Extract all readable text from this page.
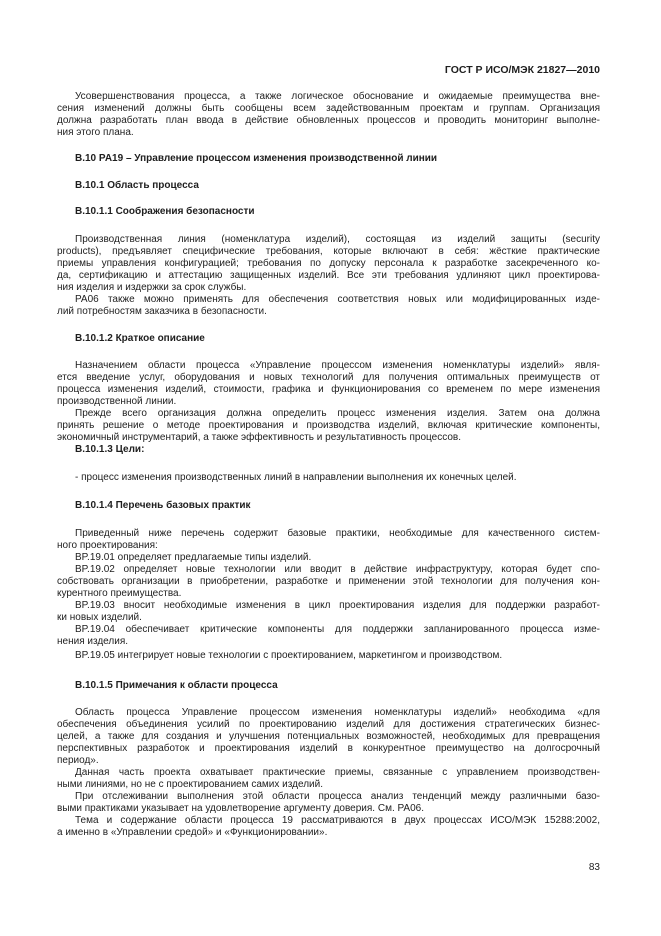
ГОСТ Р ИСО/МЭК 21827—2010
Усовершенствования процесса, а также логическое обоснование и ожидаемые преимущества вне-
сения изменений должны быть сообщены всем задействованным проектам и группам. Организация
должна разработать план ввода в действие обновленных процессов и проводить мониторинг выполне-
ния этого плана.
В.10 PA19 – Управление процессом изменения производственной линии
В.10.1 Область процесса
В.10.1.1 Соображения безопасности
Производственная линия (номенклатура изделий), состоящая из изделий защиты (security
products), предъявляет специфические требования, которые включают в себя: жёсткие практические
приемы управления конфигурацией; требования по допуску персонала к разработке засекреченного ко-
да, сертификацию и аттестацию защищенных изделий. Все эти требования удлиняют цикл проектирова-
ния изделия и издержки за срок службы.
PA06 также можно применять для обеспечения соответствия новых или модифицированных изде-
лий потребностям заказчика в безопасности.
В.10.1.2 Краткое описание
Назначением области процесса «Управление процессом изменения номенклатуры изделий» явля-
ется введение услуг, оборудования и новых технологий для получения оптимальных преимуществ от
процесса изменения изделий, стоимости, графика и функционирования со временем по мере изменения
производственной линии.
Прежде всего организация должна определить процесс изменения изделия. Затем она должна
принять решение о методе проектирования и производства изделий, включая критические компоненты,
экономичный инструментарий, а также эффективность и результативность процессов.
В.10.1.3 Цели:
- процесс изменения производственных линий в направлении выполнения их конечных целей.
В.10.1.4 Перечень базовых практик
Приведенный ниже перечень содержит базовые практики, необходимые для качественного систем-
ного проектирования:
BP.19.01 определяет предлагаемые типы изделий.
BP.19.02 определяет новые технологии или вводит в действие инфраструктуру, которая будет спо-
собствовать организации в приобретении, разработке и применении этой технологии для получения кон-
курентного преимущества.
BP.19.03 вносит необходимые изменения в цикл проектирования изделия для поддержки разработ-
ки новых изделий.
BP.19.04 обеспечивает критические компоненты для поддержки запланированного процесса изме-
нения изделия.
BP.19.05 интегрирует новые технологии с проектированием, маркетингом и производством.
В.10.1.5 Примечания к области процесса
Область процесса Управление процессом изменения номенклатуры изделий» необходима «для
обеспечения объединения усилий по проектированию изделий для достижения стратегических бизнес-
целей, а также для создания и улучшения потенциальных возможностей, необходимых для превращения
перспективных разработок и проектирования изделий в конкурентное преимущество на долгосрочный
период».
Данная часть проекта охватывает практические приемы, связанные с управлением производствен-
ными линиями, но не с проектированием самих изделий.
При отслеживании выполнения этой области процесса анализ тенденций между различными базо-
выми практиками указывает на удовлетворение аргументу доверия. См. PA06.
Тема и содержание области процесса 19 рассматриваются в двух процессах ИСО/МЭК 15288:2002,
а именно в «Управлении средой» и «Функционировании».
83
